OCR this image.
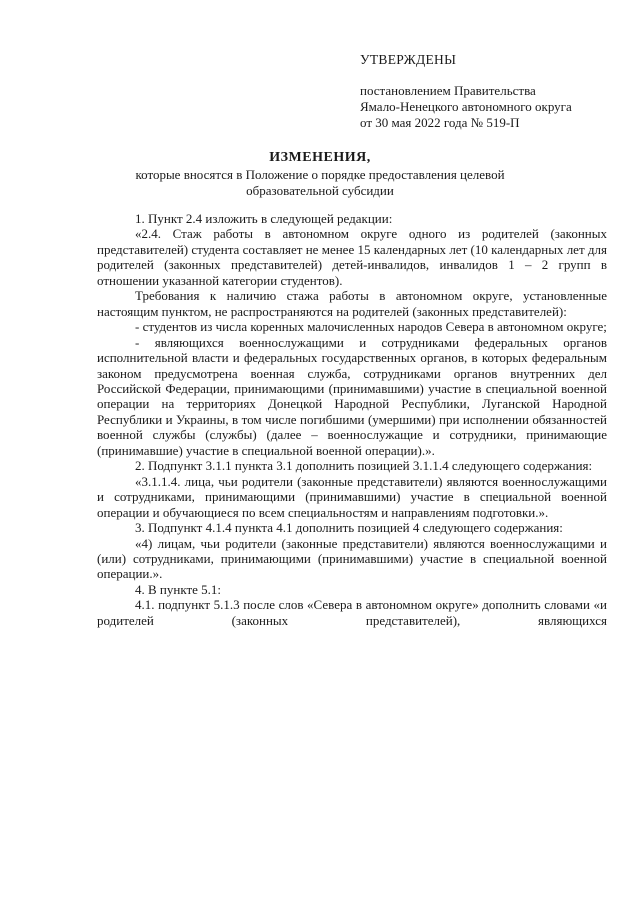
УТВЕРЖДЕНЫ
постановлением Правительства
Ямало-Ненецкого автономного округа
от 30 мая 2022 года № 519-П
ИЗМЕНЕНИЯ,
которые вносятся в Положение о порядке предоставления целевой образовательной субсидии

1. Пункт 2.4 изложить в следующей редакции:

«2.4. Стаж работы в автономном округе одного из родителей (законных представителей) студента составляет не менее 15 календарных лет (10 календарных лет для родителей (законных представителей) детей-инвалидов, инвалидов 1 – 2 групп в отношении указанной категории студентов).

Требования к наличию стажа работы в автономном округе, установленные настоящим пунктом, не распространяются на родителей (законных представителей):

- студентов из числа коренных малочисленных народов Севера в автономном округе;

- являющихся военнослужащими и сотрудниками федеральных органов исполнительной власти и федеральных государственных органов, в которых федеральным законом предусмотрена военная служба, сотрудниками органов внутренних дел Российской Федерации, принимающими (принимавшими) участие в специальной военной операции на территориях Донецкой Народной Республики, Луганской Народной Республики и Украины, в том числе погибшими (умершими) при исполнении обязанностей военной службы (службы) (далее – военнослужащие и сотрудники, принимающие (принимавшие) участие в специальной военной операции).».

2. Подпункт 3.1.1 пункта 3.1 дополнить позицией 3.1.1.4 следующего содержания:

«3.1.1.4. лица, чьи родители (законные представители) являются военнослужащими и сотрудниками, принимающими (принимавшими) участие в специальной военной операции и обучающиеся по всем специальностям и направлениям подготовки.».

3. Подпункт 4.1.4 пункта 4.1 дополнить позицией 4 следующего содержания:

«4) лицам, чьи родители (законные представители) являются военнослужащими и (или) сотрудниками, принимающими (принимавшими) участие в специальной военной операции.».

4. В пункте 5.1:

4.1. подпункт 5.1.3 после слов «Севера в автономном округе» дополнить словами «и родителей (законных представителей), являющихся
